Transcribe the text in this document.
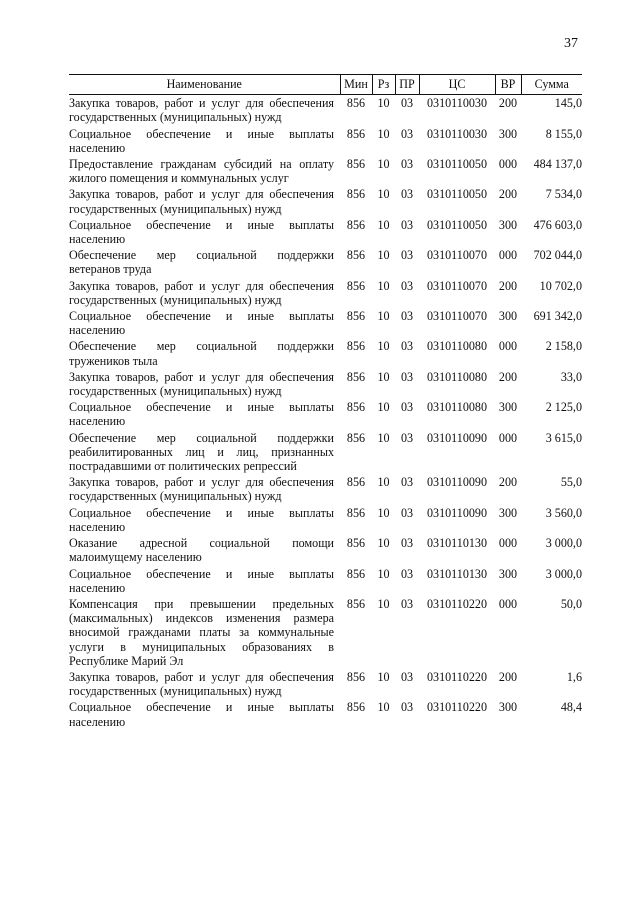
37
Наименование	Мин	Рз	ПР	ЦС	ВР	Сумма
Закупка товаров, работ и услуг для обеспечения государственных (муниципальных) нужд	856	10	03	0310110030	200	145,0
Социальное обеспечение и иные выплаты населению	856	10	03	0310110030	300	8 155,0
Предоставление гражданам субсидий на оплату жилого помещения и коммунальных услуг	856	10	03	0310110050	000	484 137,0
Закупка товаров, работ и услуг для обеспечения государственных (муниципальных) нужд	856	10	03	0310110050	200	7 534,0
Социальное обеспечение и иные выплаты населению	856	10	03	0310110050	300	476 603,0
Обеспечение мер социальной поддержки ветеранов труда	856	10	03	0310110070	000	702 044,0
Закупка товаров, работ и услуг для обеспечения государственных (муниципальных) нужд	856	10	03	0310110070	200	10 702,0
Социальное обеспечение и иные выплаты населению	856	10	03	0310110070	300	691 342,0
Обеспечение мер социальной поддержки тружеников тыла	856	10	03	0310110080	000	2 158,0
Закупка товаров, работ и услуг для обеспечения государственных (муниципальных) нужд	856	10	03	0310110080	200	33,0
Социальное обеспечение и иные выплаты населению	856	10	03	0310110080	300	2 125,0
Обеспечение мер социальной поддержки реабилитированных лиц и лиц, признанных пострадавшими от политических репрессий	856	10	03	0310110090	000	3 615,0
Закупка товаров, работ и услуг для обеспечения государственных (муниципальных) нужд	856	10	03	0310110090	200	55,0
Социальное обеспечение и иные выплаты населению	856	10	03	0310110090	300	3 560,0
Оказание адресной социальной помощи малоимущему населению	856	10	03	0310110130	000	3 000,0
Социальное обеспечение и иные выплаты населению	856	10	03	0310110130	300	3 000,0
Компенсация при превышении предельных (максимальных) индексов изменения размера вносимой гражданами платы за коммунальные услуги в муниципальных образованиях в Республике Марий Эл	856	10	03	0310110220	000	50,0
Закупка товаров, работ и услуг для обеспечения государственных (муниципальных) нужд	856	10	03	0310110220	200	1,6
Социальное обеспечение и иные выплаты населению	856	10	03	0310110220	300	48,4
